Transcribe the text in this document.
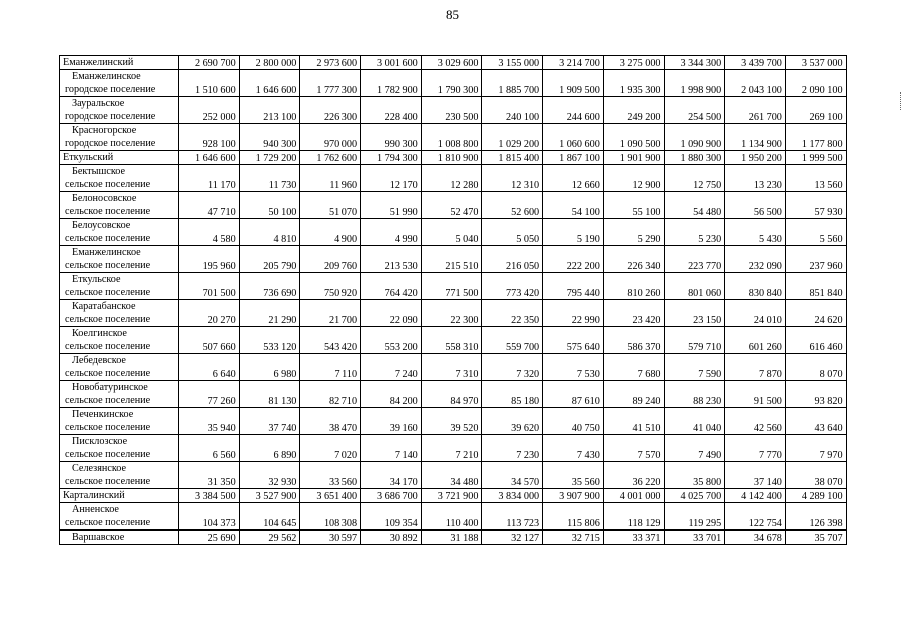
85
Еманжелинский	2 690 700	2 800 000	2 973 600	3 001 600	3 029 600	3 155 000	3 214 700	3 275 000	3 344 300	3 439 700	3 537 000

Еманжелинское
городское поселение	1 510 600	1 646 600	1 777 300	1 782 900	1 790 300	1 885 700	1 909 500	1 935 300	1 998 900	2 043 100	2 090 100

Зауральское
городское поселение	252 000	213 100	226 300	228 400	230 500	240 100	244 600	249 200	254 500	261 700	269 100

Красногорское
городское поселение	928 100	940 300	970 000	990 300	1 008 800	1 029 200	1 060 600	1 090 500	1 090 900	1 134 900	1 177 800
Еткульский	1 646 600	1 729 200	1 762 600	1 794 300	1 810 900	1 815 400	1 867 100	1 901 900	1 880 300	1 950 200	1 999 500

Бектышское
сельское поселение	11 170	11 730	11 960	12 170	12 280	12 310	12 660	12 900	12 750	13 230	13 560

Белоносовское
сельское поселение	47 710	50 100	51 070	51 990	52 470	52 600	54 100	55 100	54 480	56 500	57 930

Белоусовское
сельское поселение	4 580	4 810	4 900	4 990	5 040	5 050	5 190	5 290	5 230	5 430	5 560

Еманжелинское
сельское поселение	195 960	205 790	209 760	213 530	215 510	216 050	222 200	226 340	223 770	232 090	237 960

Еткульское
сельское поселение	701 500	736 690	750 920	764 420	771 500	773 420	795 440	810 260	801 060	830 840	851 840

Каратабанское
сельское поселение	20 270	21 290	21 700	22 090	22 300	22 350	22 990	23 420	23 150	24 010	24 620

Коелгинское
сельское поселение	507 660	533 120	543 420	553 200	558 310	559 700	575 640	586 370	579 710	601 260	616 460

Лебедевское
сельское поселение	6 640	6 980	7 110	7 240	7 310	7 320	7 530	7 680	7 590	7 870	8 070

Новобатуринское
сельское поселение	77 260	81 130	82 710	84 200	84 970	85 180	87 610	89 240	88 230	91 500	93 820

Печенкинское
сельское поселение	35 940	37 740	38 470	39 160	39 520	39 620	40 750	41 510	41 040	42 560	43 640

Писклозское
сельское поселение	6 560	6 890	7 020	7 140	7 210	7 230	7 430	7 570	7 490	7 770	7 970

Селезянское
сельское поселение	31 350	32 930	33 560	34 170	34 480	34 570	35 560	36 220	35 800	37 140	38 070
Карталинский	3 384 500	3 527 900	3 651 400	3 686 700	3 721 900	3 834 000	3 907 900	4 001 000	4 025 700	4 142 400	4 289 100

Анненское
сельское поселение	104 373	104 645	108 308	109 354	110 400	113 723	115 806	118 129	119 295	122 754	126 398
Варшавское	25 690	29 562	30 597	30 892	31 188	32 127	32 715	33 371	33 701	34 678	35 707
